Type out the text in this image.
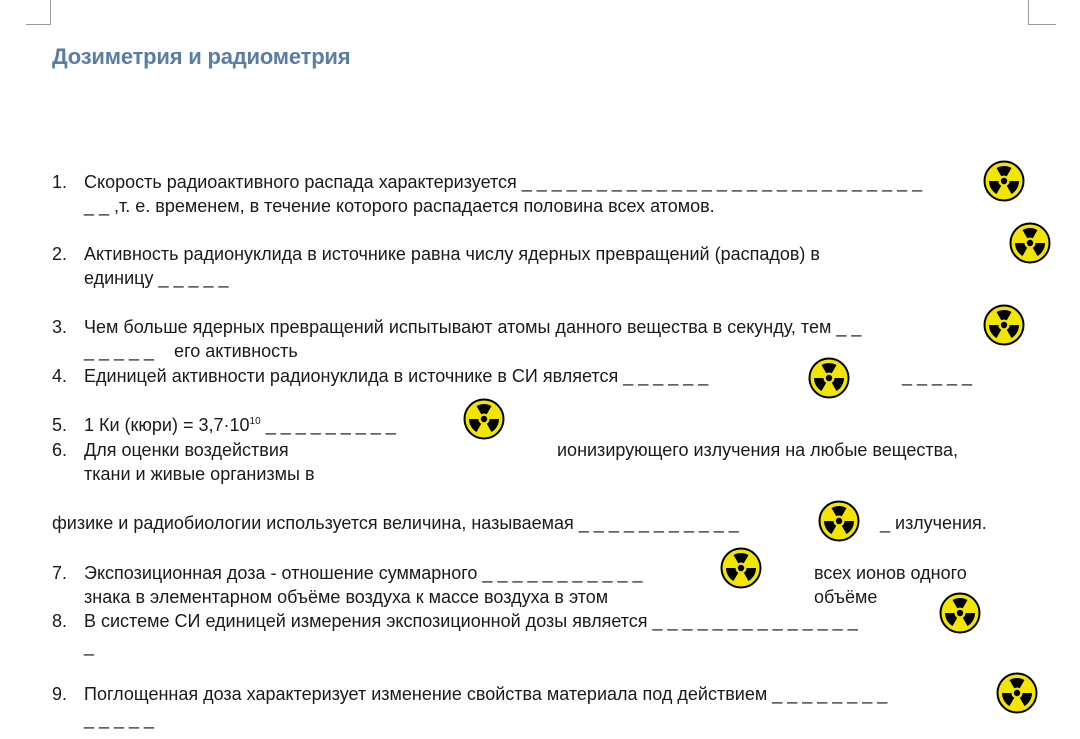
Дозиметрия и радиометрия
1. Скорость радиоактивного распада характеризуется _ _ _ _ _ _ _ _ _ _ _ _ _ _ _ _ _ _ _ _ _ _ _ _ _ _ _
_ _ ,т. е. временем, в течение которого распадается половина всех атомов.
2. Активность радионуклида в источнике равна числу ядерных превращений (распадов) в
единицу _ _ _ _ _
3. Чем больше ядерных превращений испытывают атомы данного вещества в секунду, тем _ _
_ _ _ _ _    его активность
4. Единицей активности радионуклида в источнике в СИ является _ _ _ _ _ _	_ _ _ _ _
5. 1 Ки (кюри) = $3,7\cdot 10^{10}$ _ _ _ _ _ _ _ _ _
6. Для оценки воздействия	ионизирующего излучения на любые вещества,
ткани и живые организмы в
физике и радиобиологии используется величина, называемая _ _ _ _ _ _ _ _ _ _ _	_ излучения.
7. Экспозиционная доза - отношение суммарного _ _ _ _ _ _ _ _ _ _ _	всех ионов одного
знака в элементарном объёме воздуха к массе воздуха в этом	объёме
8. В системе СИ единицей измерения экспозиционной дозы является _ _ _ _ _ _ _ _ _ _ _ _ _ _
_
9. Поглощенная доза характеризует изменение свойства материала под действием _ _ _ _ _ _ _ _
_ _ _ _ _
